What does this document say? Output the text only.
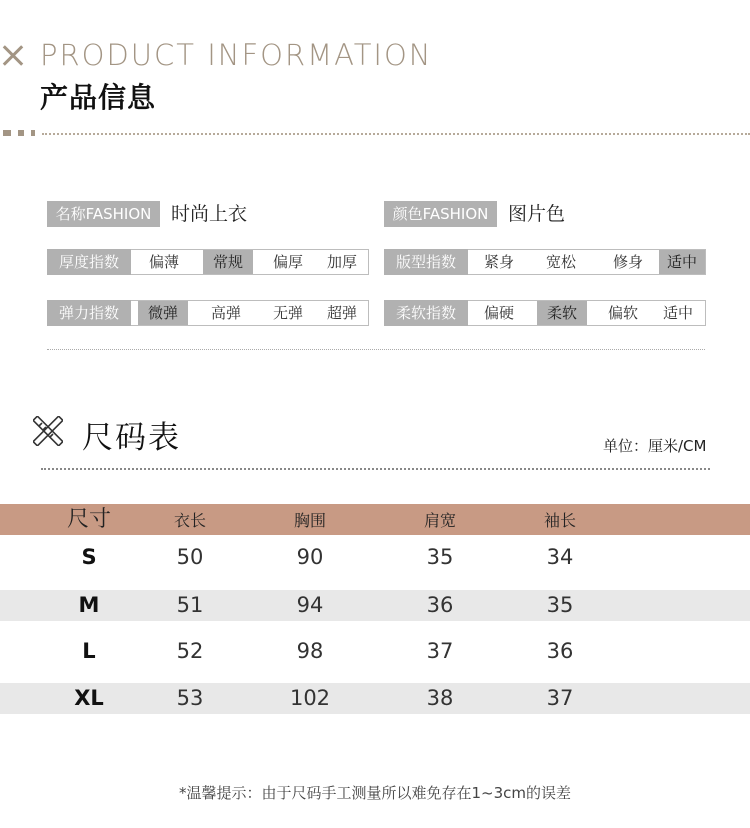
PRODUCT INFORMATION
产品信息
名称FASHION	时尚上衣	颜色FASHION	图片色
厚度指数	偏薄	常规	偏厚	加厚	版型指数	紧身	宽松	修身	适中
弹力指数	微弹	高弹	无弹	超弹	柔软指数	偏硬	柔软	偏软	适中
尺码表	单位：厘米/CM
尺寸	衣长	胸围	肩宽	袖长
S	50	90	35	34
M	51	94	36	35
L	52	98	37	36
XL	53	102	38	37
*温馨提示：由于尺码手工测量所以难免存在1~3cm的误差
